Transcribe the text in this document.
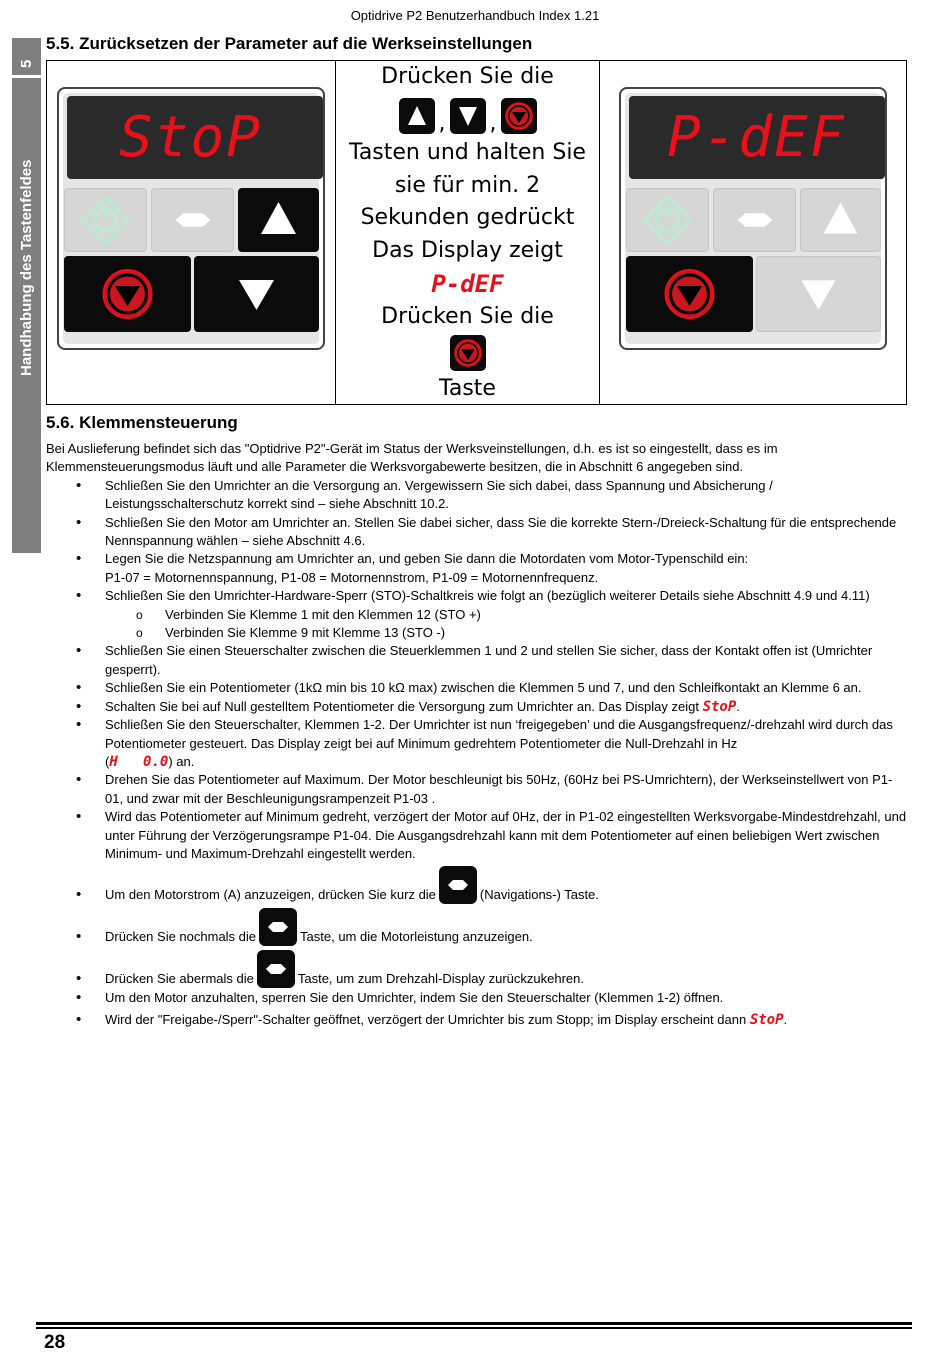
Optidrive P2 Benutzerhandbuch Index 1.21
5
Handhabung des Tastenfeldes
5.5. Zurücksetzen der Parameter auf die Werkseinstellungen
StoP
Drücken Sie die
, ,
Tasten und halten Sie
sie für min. 2
Sekunden gedrückt
Das Display zeigt
P-dEF
Drücken Sie die
Taste
P-dEF
5.6. Klemmensteuerung

Bei Auslieferung befindet sich das "Optidrive P2"-Gerät im Status der Werksveinstellungen, d.h. es ist so eingestellt, dass es im Klemmensteuerungsmodus läuft und alle Parameter die Werksvorgabewerte besitzen, die in Abschnitt 6 angegeben sind.

• Schließen Sie den Umrichter an die Versorgung an. Vergewissern Sie sich dabei, dass Spannung und Absicherung / Leistungsschalterschutz korrekt sind – siehe Abschnitt 10.2.
• Schließen Sie den Motor am Umrichter an. Stellen Sie dabei sicher, dass Sie die korrekte Stern-/Dreieck-Schaltung für die entsprechende Nennspannung wählen – siehe Abschnitt 4.6.
• Legen Sie die Netzspannung am Umrichter an, und geben Sie dann die Motordaten vom Motor-Typenschild ein:
P1-07 = Motornennspannung, P1-08 = Motornennstrom, P1-09 = Motornennfrequenz.
• Schließen Sie den Umrichter-Hardware-Sperr (STO)-Schaltkreis wie folgt an (bezüglich weiterer Details siehe Abschnitt 4.9 und 4.11)
o Verbinden Sie Klemme 1 mit den Klemmen 12 (STO +)
o Verbinden Sie Klemme 9 mit Klemme 13 (STO -)
• Schließen Sie einen Steuerschalter zwischen die Steuerklemmen 1 und 2 und stellen Sie sicher, dass der Kontakt offen ist (Umrichter gesperrt).
• Schließen Sie ein Potentiometer (1kΩ min bis 10 kΩ max) zwischen die Klemmen 5 und 7, und den Schleifkontakt an Klemme 6 an.
• Schalten Sie bei auf Null gestelltem Potentiometer die Versorgung zum Umrichter an. Das Display zeigt StoP.
• Schließen Sie den Steuerschalter, Klemmen 1-2. Der Umrichter ist nun ‘freigegeben’ und die Ausgangsfrequenz/-drehzahl wird durch das Potentiometer gesteuert. Das Display zeigt bei auf Minimum gedrehtem Potentiometer die Null-Drehzahl in Hz
(H   0.0) an.
• Drehen Sie das Potentiometer auf Maximum. Der Motor beschleunigt bis 50Hz, (60Hz bei PS-Umrichtern), der Werkseinstellwert von P1-01, und zwar mit der Beschleunigungsrampenzeit P1-03 .
• Wird das Potentiometer auf Minimum gedreht, verzögert der Motor auf 0Hz, der in P1-02 eingestellten Werksvorgabe-Mindestdrehzahl, und unter Führung der Verzögerungsrampe P1-04. Die Ausgangsdrehzahl kann mit dem Potentiometer auf einen beliebigen Wert zwischen Minimum- und Maximum-Drehzahl eingestellt werden.
• Um den Motorstrom (A) anzuzeigen, drücken Sie kurz die	(Navigations-) Taste.
• Drücken Sie nochmals die	Taste, um die Motorleistung anzuzeigen.
• Drücken Sie abermals die	Taste, um zum Drehzahl-Display zurückzukehren.
• Um den Motor anzuhalten, sperren Sie den Umrichter, indem Sie den Steuerschalter (Klemmen 1-2) öffnen.
• Wird der "Freigabe-/Sperr"-Schalter geöffnet, verzögert der Umrichter bis zum Stopp; im Display erscheint dann StoP.
28
